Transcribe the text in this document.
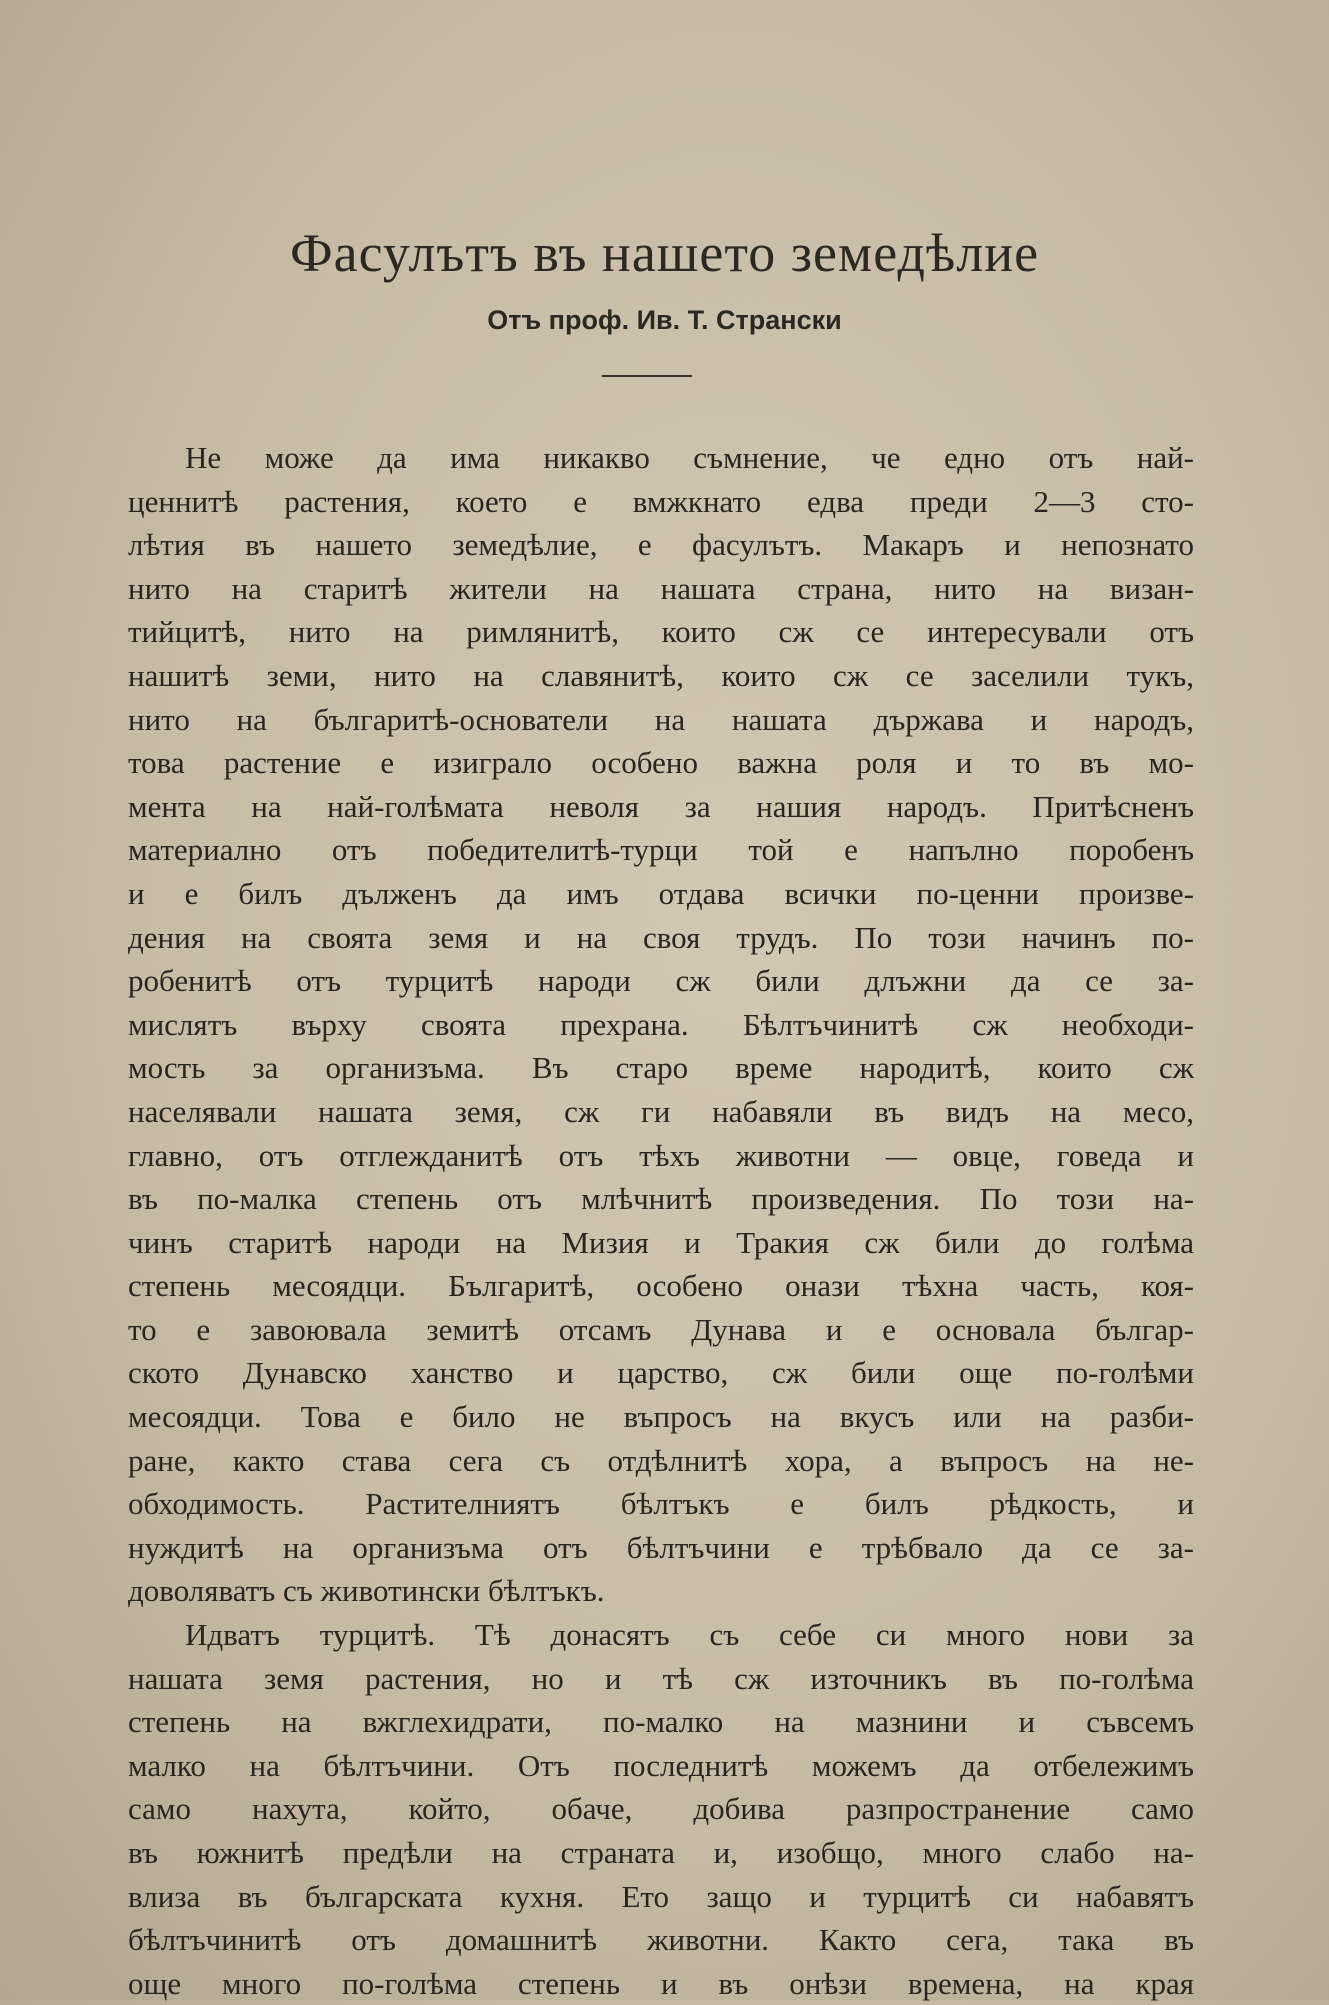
Фасулътъ въ нашето земедѣлие
Отъ проф. Ив. Т. Странски
Не може да има никакво съмнение, че едно отъ най-
ценнитѣ растения, което е вмжкнато едва преди 2—3 сто-
лѣтия въ нашето земедѣлие, е фасулътъ. Макаръ и непознато
нито на старитѣ жители на нашата страна, нито на визан-
тийцитѣ, нито на римлянитѣ, които сж се интересували отъ
нашитѣ земи, нито на славянитѣ, които сж се заселили тукъ,
нито на българитѣ-основатели на нашата държава и народъ,
това растение е изиграло особено важна роля и то въ мо-
мента на най-голѣмата неволя за нашия народъ. Притѣсненъ
материално отъ победителитѣ-турци той е напълно поробенъ
и е билъ дълженъ да имъ отдава всички по-ценни произве-
дения на своята земя и на своя трудъ. По този начинъ по-
робенитѣ отъ турцитѣ народи сж били длъжни да се за-
мислятъ върху своята прехрана. Бѣлтъчинитѣ сж необходи-
мость за организъма. Въ старо време народитѣ, които сж
населявали нашата земя, сж ги набавяли въ видъ на месо,
главно, отъ отглежданитѣ отъ тѣхъ животни — овце, говеда и
въ по-малка степень отъ млѣчнитѣ произведения. По този на-
чинъ старитѣ народи на Мизия и Тракия сж били до голѣма
степень месоядци. Българитѣ, особено онази тѣхна часть, коя-
то е завоювала земитѣ отсамъ Дунава и е основала българ-
ското Дунавско ханство и царство, сж били още по-голѣми
месоядци. Това е било не въпросъ на вкусъ или на разби-
ране, както става сега съ отдѣлнитѣ хора, а въпросъ на не-
обходимость. Растителниятъ бѣлтъкъ е билъ рѣдкость, и
нуждитѣ на организъма отъ бѣлтъчини е трѣбвало да се за-
доволяватъ съ животински бѣлтъкъ.
Идватъ турцитѣ. Тѣ донасятъ съ себе си много нови за
нашата земя растения, но и тѣ сж източникъ въ по-голѣма
степень на вжглехидрати, по-малко на мазнини и съвсемъ
малко на бѣлтъчини. Отъ последнитѣ можемъ да отбележимъ
само нахута, който, обаче, добива разпространение само
въ южнитѣ предѣли на страната и, изобщо, много слабо на-
влиза въ българската кухня. Ето защо и турцитѣ си набавятъ
бѣлтъчинитѣ отъ домашнитѣ животни. Както сега, така въ
още много по-голѣма степень и въ онѣзи времена, на края
